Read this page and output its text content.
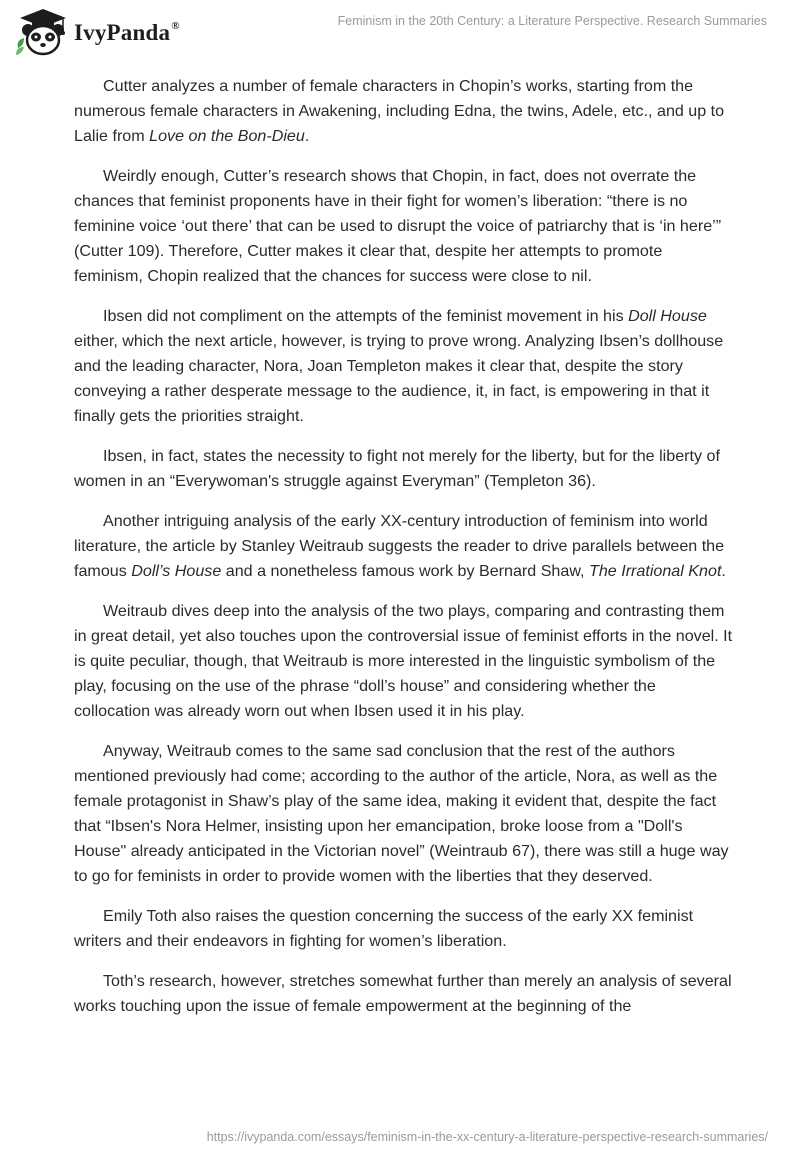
IvyPanda®	Feminism in the 20th Century: a Literature Perspective. Research Summaries

Cutter analyzes a number of female characters in Chopin’s works, starting from the numerous female characters in Awakening, including Edna, the twins, Adele, etc., and up to Lalie from Love on the Bon-Dieu.

Weirdly enough, Cutter’s research shows that Chopin, in fact, does not overrate the chances that feminist proponents have in their fight for women’s liberation: “there is no feminine voice ‘out there’ that can be used to disrupt the voice of patriarchy that is ‘in here’” (Cutter 109). Therefore, Cutter makes it clear that, despite her attempts to promote feminism, Chopin realized that the chances for success were close to nil.

Ibsen did not compliment on the attempts of the feminist movement in his Doll House either, which the next article, however, is trying to prove wrong. Analyzing Ibsen’s dollhouse and the leading character, Nora, Joan Templeton makes it clear that, despite the story conveying a rather desperate message to the audience, it, in fact, is empowering in that it finally gets the priorities straight.

Ibsen, in fact, states the necessity to fight not merely for the liberty, but for the liberty of women in an “Everywoman's struggle against Everyman” (Templeton 36).

Another intriguing analysis of the early XX-century introduction of feminism into world literature, the article by Stanley Weitraub suggests the reader to drive parallels between the famous Doll’s House and a nonetheless famous work by Bernard Shaw, The Irrational Knot.

Weitraub dives deep into the analysis of the two plays, comparing and contrasting them in great detail, yet also touches upon the controversial issue of feminist efforts in the novel. It is quite peculiar, though, that Weitraub is more interested in the linguistic symbolism of the play, focusing on the use of the phrase “doll’s house” and considering whether the collocation was already worn out when Ibsen used it in his play.

Anyway, Weitraub comes to the same sad conclusion that the rest of the authors mentioned previously had come; according to the author of the article, Nora, as well as the female protagonist in Shaw’s play of the same idea, making it evident that, despite the fact that “Ibsen's Nora Helmer, insisting upon her emancipation, broke loose from a "Doll's House" already anticipated in the Victorian novel” (Weintraub 67), there was still a huge way to go for feminists in order to provide women with the liberties that they deserved.

Emily Toth also raises the question concerning the success of the early XX feminist writers and their endeavors in fighting for women’s liberation.

Toth’s research, however, stretches somewhat further than merely an analysis of several works touching upon the issue of female empowerment at the beginning of the

https://ivypanda.com/essays/feminism-in-the-xx-century-a-literature-perspective-research-summaries/
